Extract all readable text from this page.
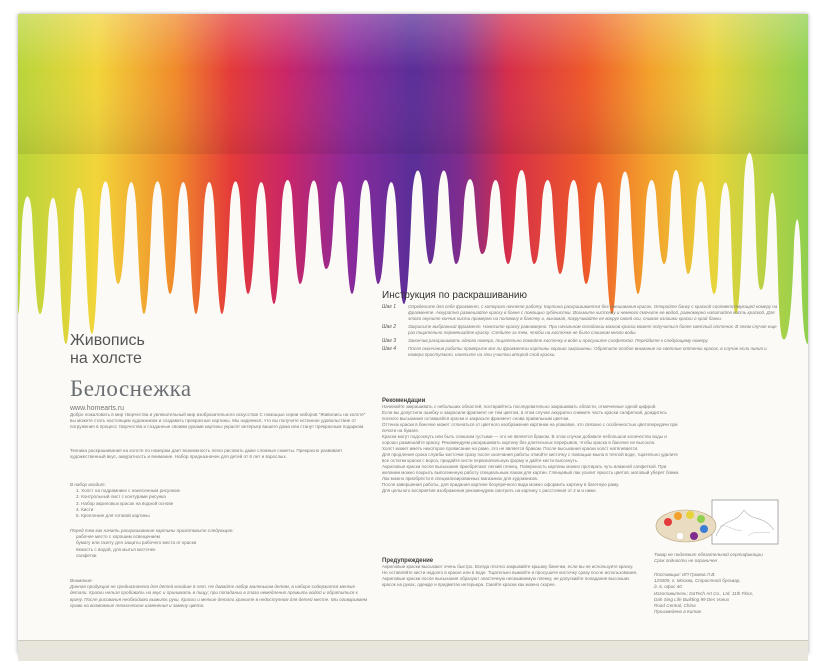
Живопись
на холсте
Белоснежка
www.homearts.ru
Добро пожаловать в мир творчества и увлекательный мир изобразительного искусства! С помощью серии наборов "Живопись на холсте" вы можете стать настоящим художником и создавать прекрасные картины. Мы надеемся, что вы получите истинное удовольствие от погружения в процесс творчества и созданные своими руками картины украсят интерьер вашего дома или станут прекрасным подарком.
Техника раскрашивания на холсте по номерам дает возможность легко рисовать даже сложные сюжеты. Прекрасно развивает художественный вкус, аккуратность и внимание. Набор предназначен для детей от 6 лет и взрослых.
В набор входит:
1. Холст на подрамнике с нанесенным рисунком
2. Контрольный лист с контурами рисунка
3. Набор акриловых красок на водной основе
4. Кисти
5. Крепление для готовой картины
Перед тем как начать раскрашивание картины приготовьте следующее:
рабочее место с хорошим освещением
бумагу или газету для защиты рабочего места от краски
ёмкость с водой, для мытья кисточек
салфетки
Внимание:
Данная продукция не предназначена для детей младше 6 лет. Не давайте набор маленьким детям, в наборе содержатся мелкие детали. Краски нельзя пробовать на вкус и принимать в пищу; при попадании в глаза немедленно промыть водой и обратиться к врачу. После рисования необходимо вымыть руки. Краски и мелкие детали храните в недоступном для детей месте. Мы оговариваем право на возможные технические изменения и замену цвета.
Инструкция по раскрашиванию
Шаг 1	Определите для себя фрагмент, с которого начнете работу. Картина раскрашивается без смешивания красок. Откройте банку с краской соответствующей номеру на фрагменте. Аккуратно размешайте краску в банке с помощью зубочистки. Возьмите кисточку и немного смочите ее водой, равномерно напитайте кисть краской. Для этого окуните кончик кисти примерно на половину в баночку и, вынимая, покручивайте ее вокруг своей оси, снимая излишки краски о край банки.
Шаг 2	Закрасьте выбранный фрагмент. Нанесите краску равномерно. При начальном попадании мазков краска может получиться более светлый оттенок. В этом случае еще раз тщательно перемешайте краску. Следите за тем, чтобы на кисточке не было слишком много воды.
Шаг 3	Закончив раскрашивать одного номера, тщательно помойте кисточку в воде и просушите салфеткой. Перейдите к следующему номеру.
Шаг 4	После окончания работы проверьте все ли фрагменты картины хорошо закрашены. Обратите особое внимание на светлые оттенки красок, в случае если линия и номера проступают, нанесите на эти участки второй слой краски.
Рекомендации
Начинайте закрашивать с небольших областей, постарайтесь последовательно закрашивать области, отмеченные одной цифрой.
Если вы допустили ошибку и закрасили фрагмент не тем цветом, в этом случае аккуратно снимите часть краски салфеткой, дождитесь полного высыхания оставшейся краски и закрасьте фрагмент снова правильным цветом.
Оттенок краски в баночке может отличаться от цветного изображения картинки на упаковке, это связано с особенностью цветопередачи при печати на бумаге.
Краски могут подсохнуть или быть слишком густыми — это не является браком. В этом случае добавьте небольшое количество воды и хорошо размешайте краску. Рекомендуем раскрашивать картину без длительных перерывов, чтобы краска в баночке не высохла.
Холст может иметь некоторое провисание на раме, это не является браком. После высыхания краски холст натягивается.
Для продления срока службы кисточки сразу после окончания работы отмойте кисточку с помощью мыла в теплой воде, тщательно удалите все остатки краски с ворса, придайте кисти первоначальную форму и дайте кисти высохнуть.
Акриловые краски после высыхания приобретают легкий глянец. Поверхность картины можно протирать чуть влажной салфеткой. При желании можно покрыть выполненную работу специальным лаком для картин. Глянцевый лак усилит яркость цветов, матовый уберет блики. Лак можно приобрести в специализированных магазинах для художников.
После завершения работы, для придания картине безупречного вида можно оформить картину в багетную раму.
Для цельного восприятия изображения рекомендуем смотреть на картину с расстояния от 2 м и ниже.
Предупреждение
Акриловые краски высыхают очень быстро. Всегда плотно закрывайте крышку баночки, если вы не используете краску.
Не оставляйте кисти надолго в краске или в воде. Тщательно вымойте и просушите кисточку сразу после использования.
Акриловые краски после высыхания образуют эластичную несмываемую пленку, не допускайте попадания высохших красок на руках, одежде и предметах интерьера. Смойте краски как можно скорее.
Товар не подлежит обязательной сертификации
Срок годности не ограничен
Поставщик: ИП Громов Л.В.
125009, г. Москва, Страстной бульвар,
д. 6, офис 40
Изготовитель: DaTech Art Co., Ltd. 11th Floor,
Dah Sing Life Building 99 Des Voeux
Road Central, China
Произведено в Китае
